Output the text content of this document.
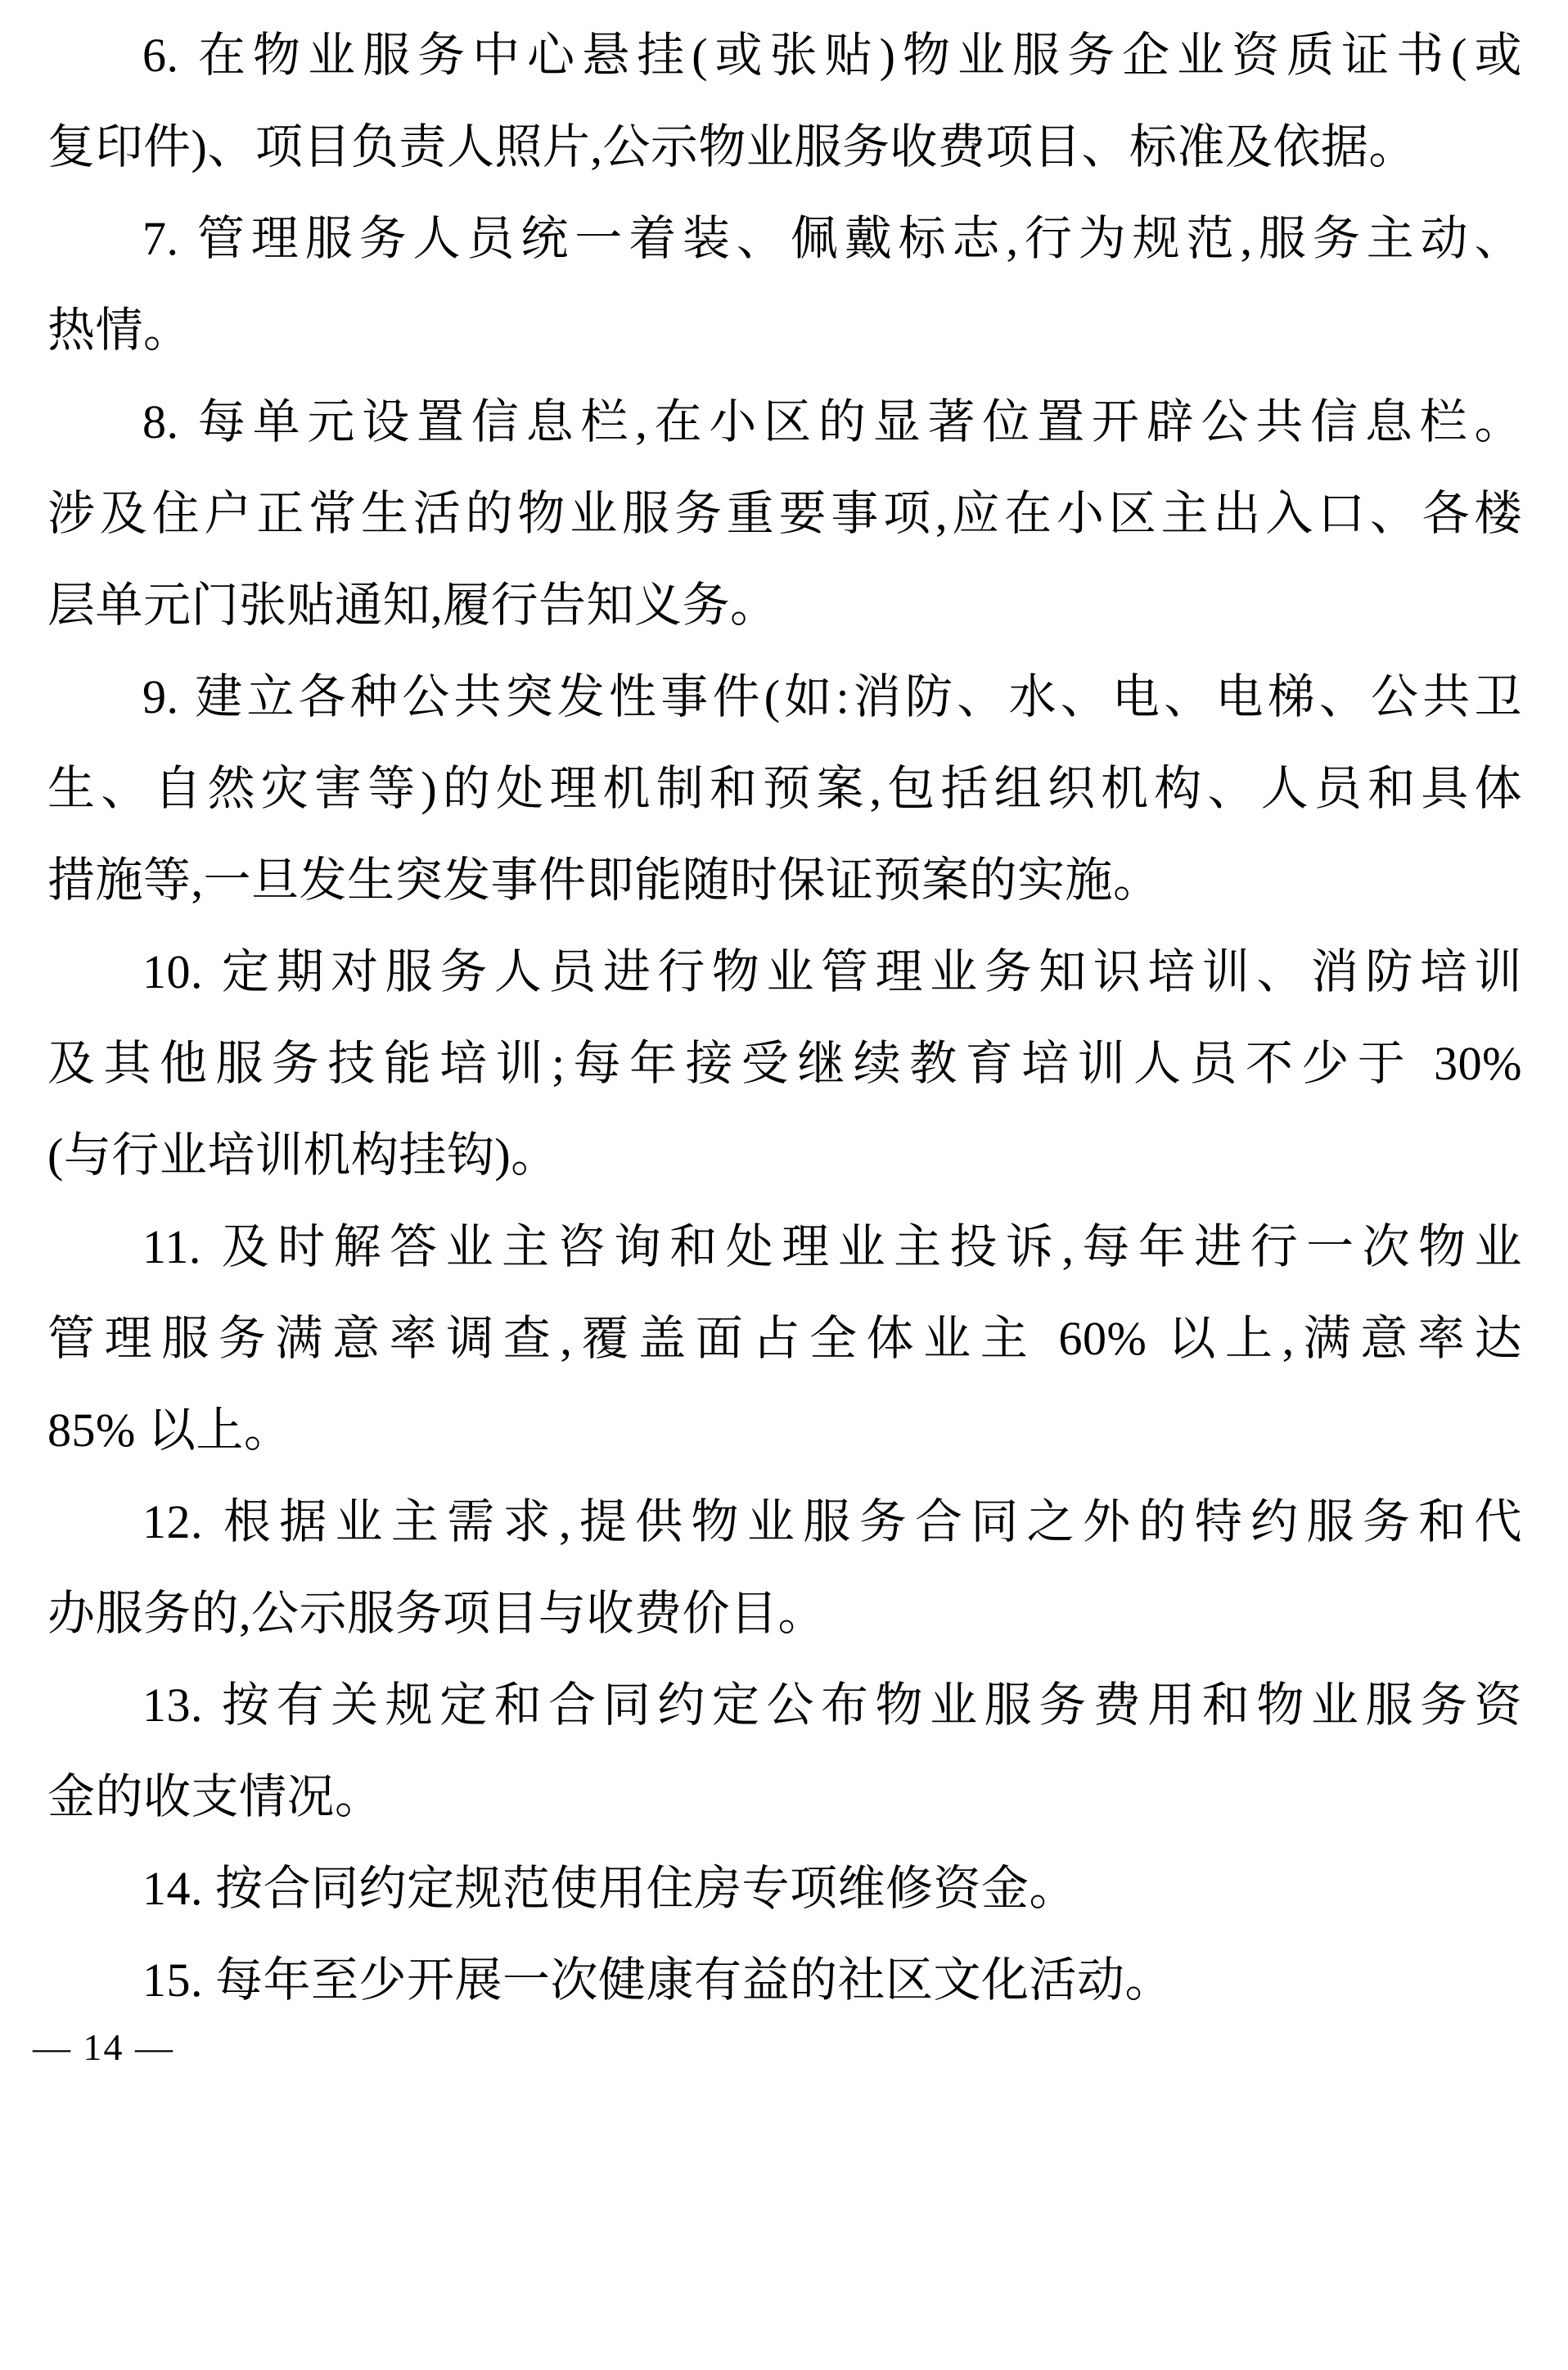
6. 在物业服务中心悬挂(或张贴)物业服务企业资质证书(或
复印件)、项目负责人照片,公示物业服务收费项目、标准及依据。
7. 管理服务人员统一着装、佩戴标志,行为规范,服务主动、
热情。
8. 每单元设置信息栏,在小区的显著位置开辟公共信息栏。
涉及住户正常生活的物业服务重要事项,应在小区主出入口、各楼
层单元门张贴通知,履行告知义务。
9. 建立各种公共突发性事件(如:消防、水、电、电梯、公共卫
生、自然灾害等)的处理机制和预案,包括组织机构、人员和具体
措施等,一旦发生突发事件即能随时保证预案的实施。
10. 定期对服务人员进行物业管理业务知识培训、消防培训
及其他服务技能培训;每年接受继续教育培训人员不少于 30%
(与行业培训机构挂钩)。
11. 及时解答业主咨询和处理业主投诉,每年进行一次物业
管理服务满意率调查,覆盖面占全体业主 60% 以上,满意率达
85% 以上。
12. 根据业主需求,提供物业服务合同之外的特约服务和代
办服务的,公示服务项目与收费价目。
13. 按有关规定和合同约定公布物业服务费用和物业服务资
金的收支情况。
14. 按合同约定规范使用住房专项维修资金。
15. 每年至少开展一次健康有益的社区文化活动。
— 14 —
